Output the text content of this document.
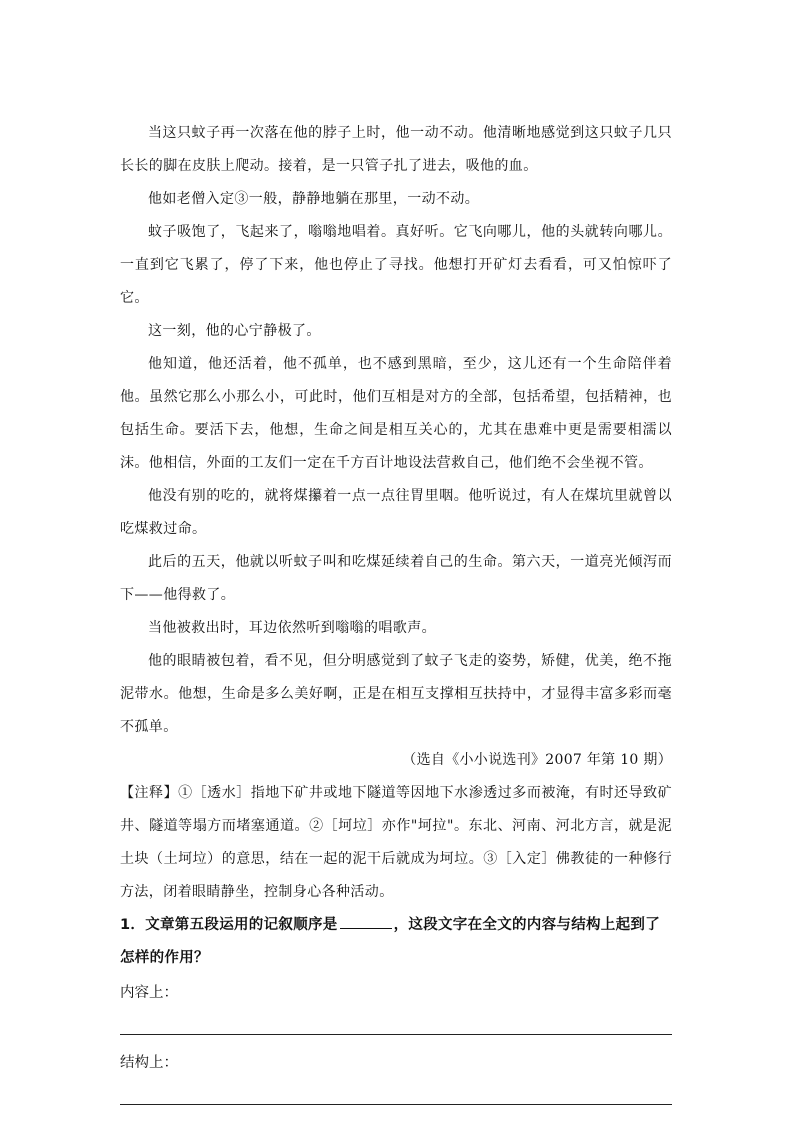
当这只蚊子再一次落在他的脖子上时，他一动不动。他清晰地感觉到这只蚊子几只长长的脚在皮肤上爬动。接着，是一只管子扎了进去，吸他的血。

他如老僧入定③一般，静静地躺在那里，一动不动。

蚊子吸饱了，飞起来了，嗡嗡地唱着。真好听。它飞向哪儿，他的头就转向哪儿。一直到它飞累了，停了下来，他也停止了寻找。他想打开矿灯去看看，可又怕惊吓了它。

这一刻，他的心宁静极了。

他知道，他还活着，他不孤单，也不感到黑暗，至少，这儿还有一个生命陪伴着他。虽然它那么小那么小，可此时，他们互相是对方的全部，包括希望，包括精神，也包括生命。要活下去，他想，生命之间是相互关心的，尤其在患难中更是需要相濡以沫。他相信，外面的工友们一定在千方百计地设法营救自己，他们绝不会坐视不管。

他没有别的吃的，就将煤攥着一点一点往胃里咽。他听说过，有人在煤坑里就曾以吃煤救过命。

此后的五天，他就以听蚊子叫和吃煤延续着自己的生命。第六天，一道亮光倾泻而下——他得救了。

当他被救出时，耳边依然听到嗡嗡的唱歌声。

他的眼睛被包着，看不见，但分明感觉到了蚊子飞走的姿势，矫健，优美，绝不拖泥带水。他想，生命是多么美好啊，正是在相互支撑相互扶持中，才显得丰富多彩而毫不孤单。

（选自《小小说选刊》2007 年第 10 期）

【注释】①［透水］指地下矿井或地下隧道等因地下水渗透过多而被淹，有时还导致矿井、隧道等塌方而堵塞通道。②［坷垃］亦作"坷拉"。东北、河南、河北方言，就是泥土块（土坷垃）的意思，结在一起的泥干后就成为坷垃。③［入定］佛教徒的一种修行方法，闭着眼睛静坐，控制身心各种活动。

1．文章第五段运用的记叙顺序是	，这段文字在全文的内容与结构上起到了怎样的作用？

内容上：

结构上：
